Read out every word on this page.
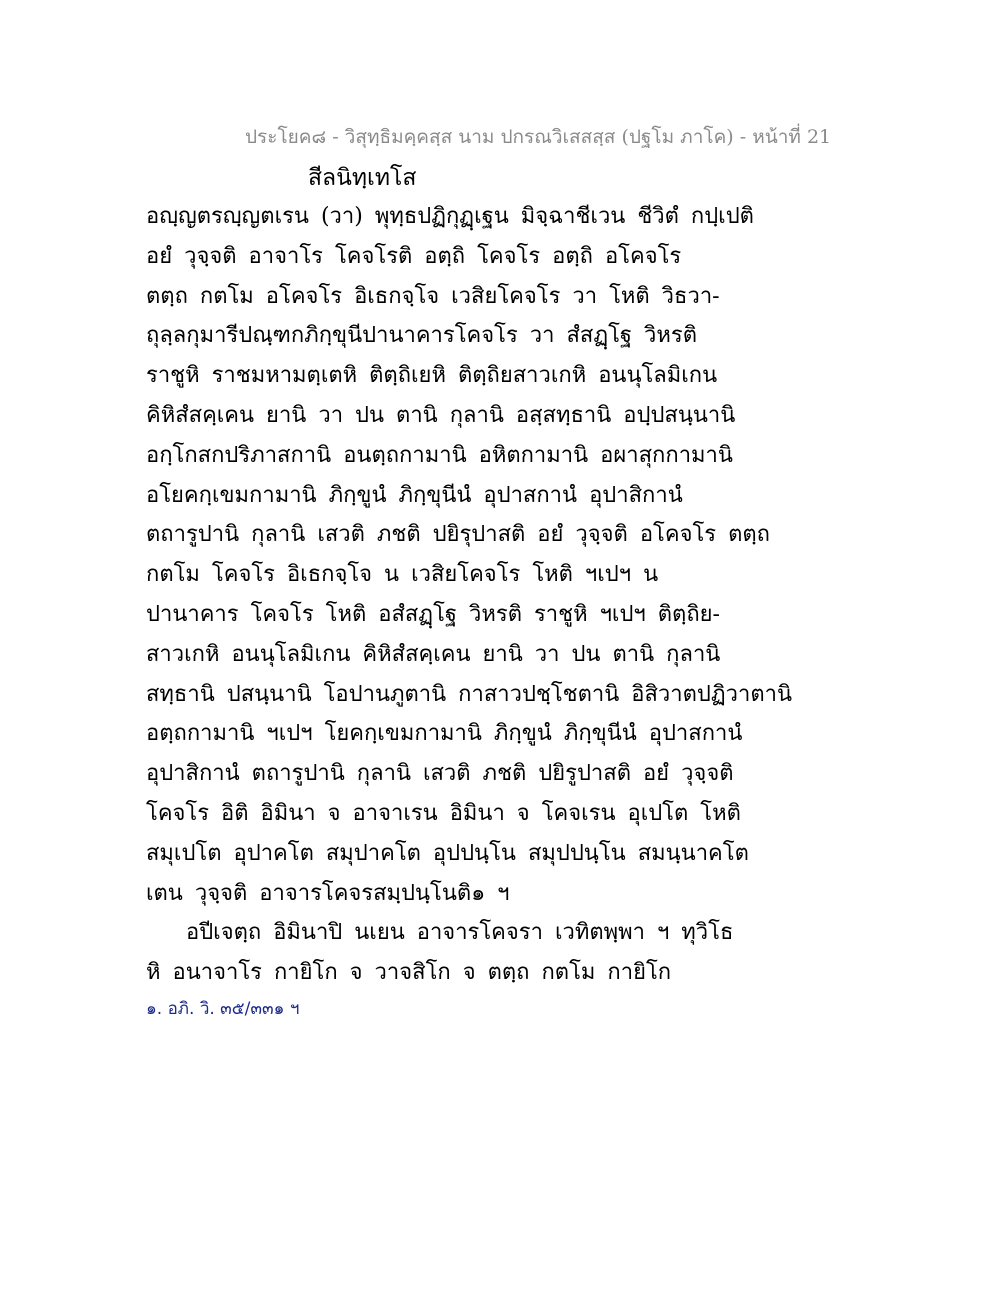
ประโยค๘ - วิสุทฺธิมคฺคสฺส นาม ปกรณวิเสสสฺส (ปฐโม ภาโค) - หน้าที่ 21
สีลนิทฺเทโส
อญฺญตรญฺญตเรน (วา) พุทฺธปฏิกุฏฺเฐน มิจฺฉาชีเวน ชีวิตํ กปฺเปติ
อยํ วุจฺจติ อาจาโร โคจโรติ อตฺถิ โคจโร อตฺถิ อโคจโร
ตตฺถ กตโม อโคจโร อิเธกจฺโจ เวสิยโคจโร วา โหติ วิธวา-
ถุลฺลกุมารีปณฺฑกภิกฺขุนีปานาคารโคจโร วา สํสฏฺโฐ วิหรติ
ราชูหิ ราชมหามตฺเตหิ ติตฺถิเยหิ ติตฺถิยสาวเกหิ อนนุโลมิเกน
คิหิสํสคฺเคน ยานิ วา ปน ตานิ กุลานิ อสฺสทฺธานิ อปฺปสนฺนานิ
อกฺโกสกปริภาสกานิ อนตฺถกามานิ อหิตกามานิ อผาสุกกามานิ
อโยคกฺเขมกามานิ ภิกฺขูนํ ภิกฺขุนีนํ อุปาสกานํ อุปาสิกานํ
ตถารูปานิ กุลานิ เสวติ ภชติ ปยิรุปาสติ อยํ วุจฺจติ อโคจโร ตตฺถ
กตโม โคจโร อิเธกจฺโจ น เวสิยโคจโร โหติ ฯเปฯ น
ปานาคาร โคจโร โหติ อสํสฏฺโฐ วิหรติ ราชูหิ ฯเปฯ ติตฺถิย-
สาวเกหิ อนนุโลมิเกน คิหิสํสคฺเคน ยานิ วา ปน ตานิ กุลานิ
สทฺธานิ ปสนฺนานิ โอปานภูตานิ กาสาวปชฺโชตานิ อิสิวาตปฏิวาตานิ
อตฺถกามานิ ฯเปฯ โยคกฺเขมกามานิ ภิกฺขูนํ ภิกฺขุนีนํ อุปาสกานํ
อุปาสิกานํ ตถารูปานิ กุลานิ เสวติ ภชติ ปยิรูปาสติ อยํ วุจฺจติ
โคจโร อิติ อิมินา จ อาจาเรน อิมินา จ โคจเรน อุเปโต โหติ
สมุเปโต อุปาคโต สมุปาคโต อุปปนฺโน สมุปปนฺโน สมนฺนาคโต
เตน วุจฺจติ อาจารโคจรสมฺปนฺโนติ๑ ฯ
อปีเจตฺถ อิมินาปิ นเยน อาจารโคจรา เวทิตพฺพา ฯ ทุวิโธ
หิ อนาจาโร กายิโก จ วาจสิโก จ ตตฺถ กตโม กายิโก
๑. อภิ. วิ. ๓๕/๓๓๑ ฯ
